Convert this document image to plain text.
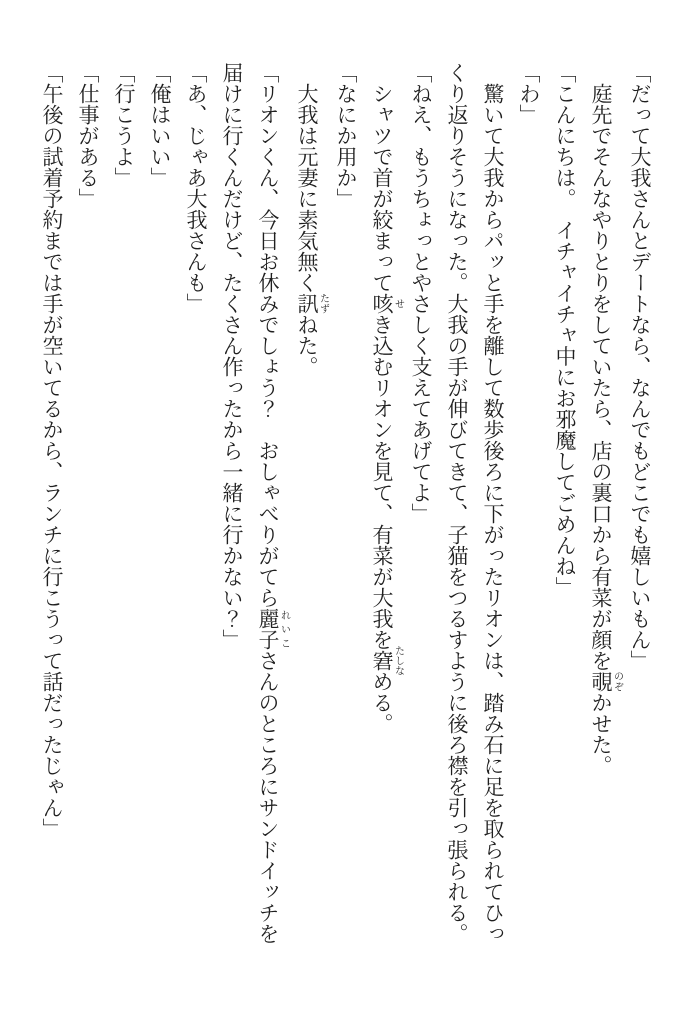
「だって大我さんとデートなら、なんでもどこでも嬉しいもん」

　庭先でそんなやりとりをしていたら、店の裏口から有菜が顔を覗のぞかせた。

「こんにちは。　イチャイチャ中にお邪魔してごめんね」

「わ」

　驚いて大我からパッと手を離して数歩後ろに下がったリオンは、踏み石に足を取られてひっくり返りそうになった。大我の手が伸びてきて、子猫をつるすように後ろ襟を引っ張られる。

「ねえ、もうちょっとやさしく支えてあげてよ」

　シャツで首が絞まって咳せき込むリオンを見て、有菜が大我を窘たしなめる。

「なにか用か」

　大我は元妻に素気無く訊たずねた。

「リオンくん、今日お休みでしょう？　おしゃべりがてら麗子れいこさんのところにサンドイッチを届けに行くんだけど、たくさん作ったから一緒に行かない？」

「あ、じゃあ大我さんも」

「俺はいい」

「行こうよ」

「仕事がある」

「午後の試着予約までは手が空いてるから、ランチに行こうって話だったじゃん」
